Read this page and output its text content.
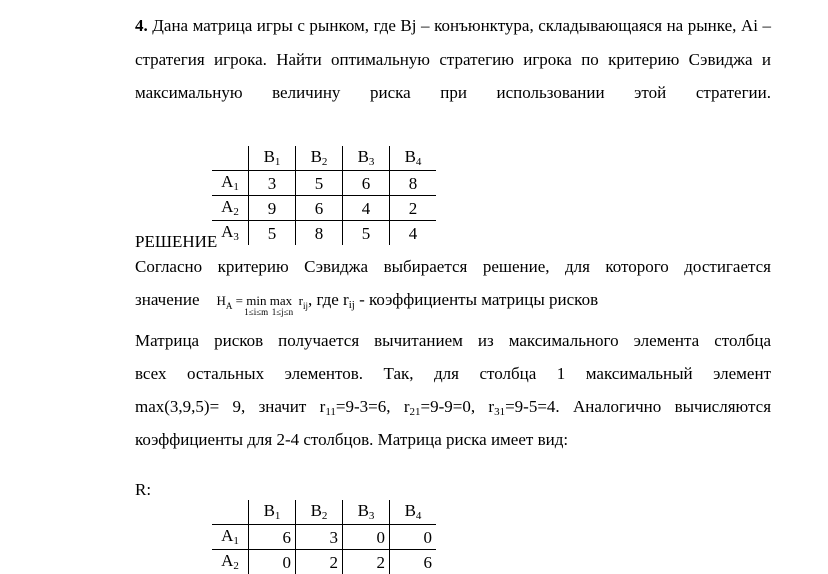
4. Дана матрица игры с рынком, где Bj – конъюнктура, складывающаяся на рынке, Ai – стратегия игрока. Найти оптимальную стратегию игрока по критерию Сэвиджа и максимальную величину риска при использовании этой стратегии.

	$B_1$	$B_2$	$B_3$	$B_4$
$A_1$	3	5	6	8
$A_2$	9	6	4	2
$A_3$	5	8	5	4
РЕШЕНИЕ

Согласно критерию Сэвиджа выбирается решение, для которого достигается

значение $H_A = \min$
1≤i≤m
max
1≤j≤n
$r_{ij}$, где $r_{ij}$ - коэффициенты матрицы рисков

Матрица рисков получается вычитанием из максимального элемента столбца

всех остальных элементов. Так, для столбца 1 максимальный элемент

max(3,9,5)= 9, значит $r_{11}=9-3=6$, $r_{21}=9-9=0$, $r_{31}=9-5=4$. Аналогично вычисляются

коэффициенты для 2-4 столбцов. Матрица риска имеет вид:

R:
	$B_1$	$B_2$	$B_3$	$B_4$
$A_1$	6	3	0	0
$A_2$	0	2	2	6
